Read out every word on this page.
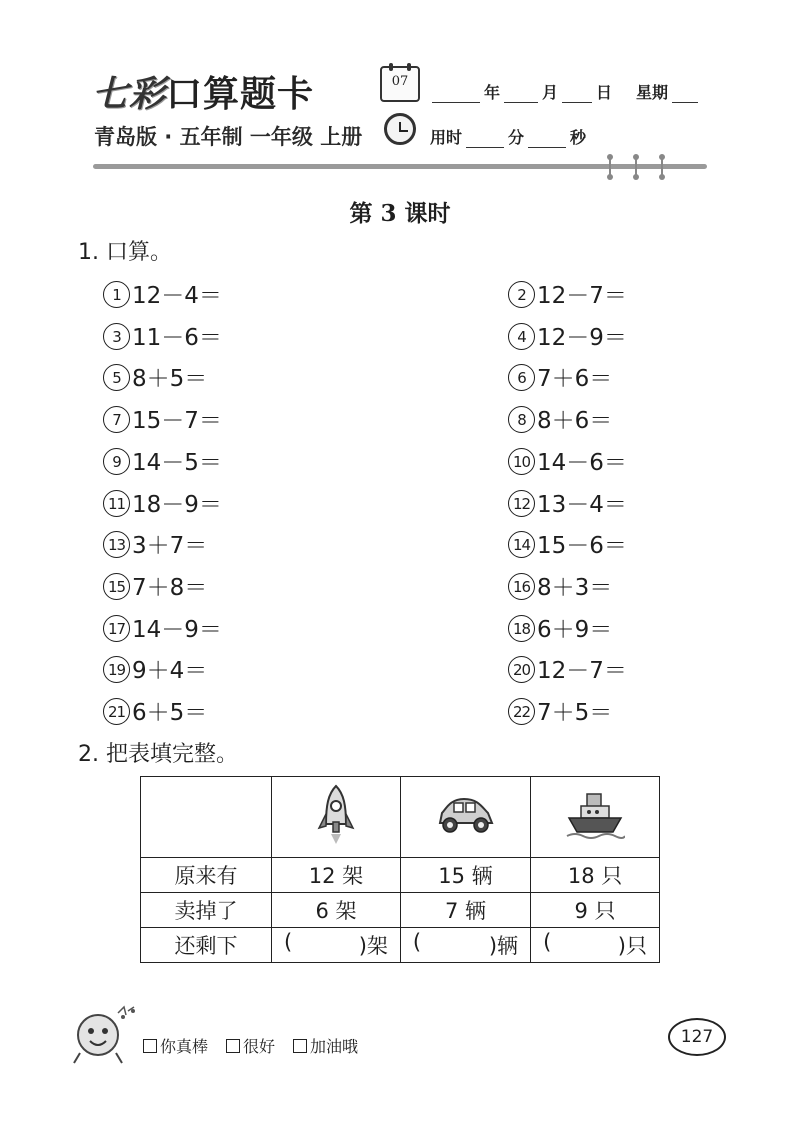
七彩口算题卡	07
年	月 日 星期
青岛版 · 五年制 一年级 上册	用时	分	秒
第 3 课时
1. 口算。
1 12－4＝	2 12－7＝
3 11－6＝	4 12－9＝
5 8＋5＝	6 7＋6＝
7 15－7＝	8 8＋6＝
9 14－5＝	10 14－6＝
11 18－9＝	12 13－4＝
13 3＋7＝	14 15－6＝
15 7＋8＝	16 8＋3＝
17 14－9＝	18 6＋9＝
19 9＋4＝	20 12－7＝
21 6＋5＝	22 7＋5＝
2. 把表填完整。

原来有	12 架	15 辆	18 只
卖掉了	6 架	7 辆	9 只
还剩下	( )架	( )辆	( )只
你真棒 很好 加油哦	127
